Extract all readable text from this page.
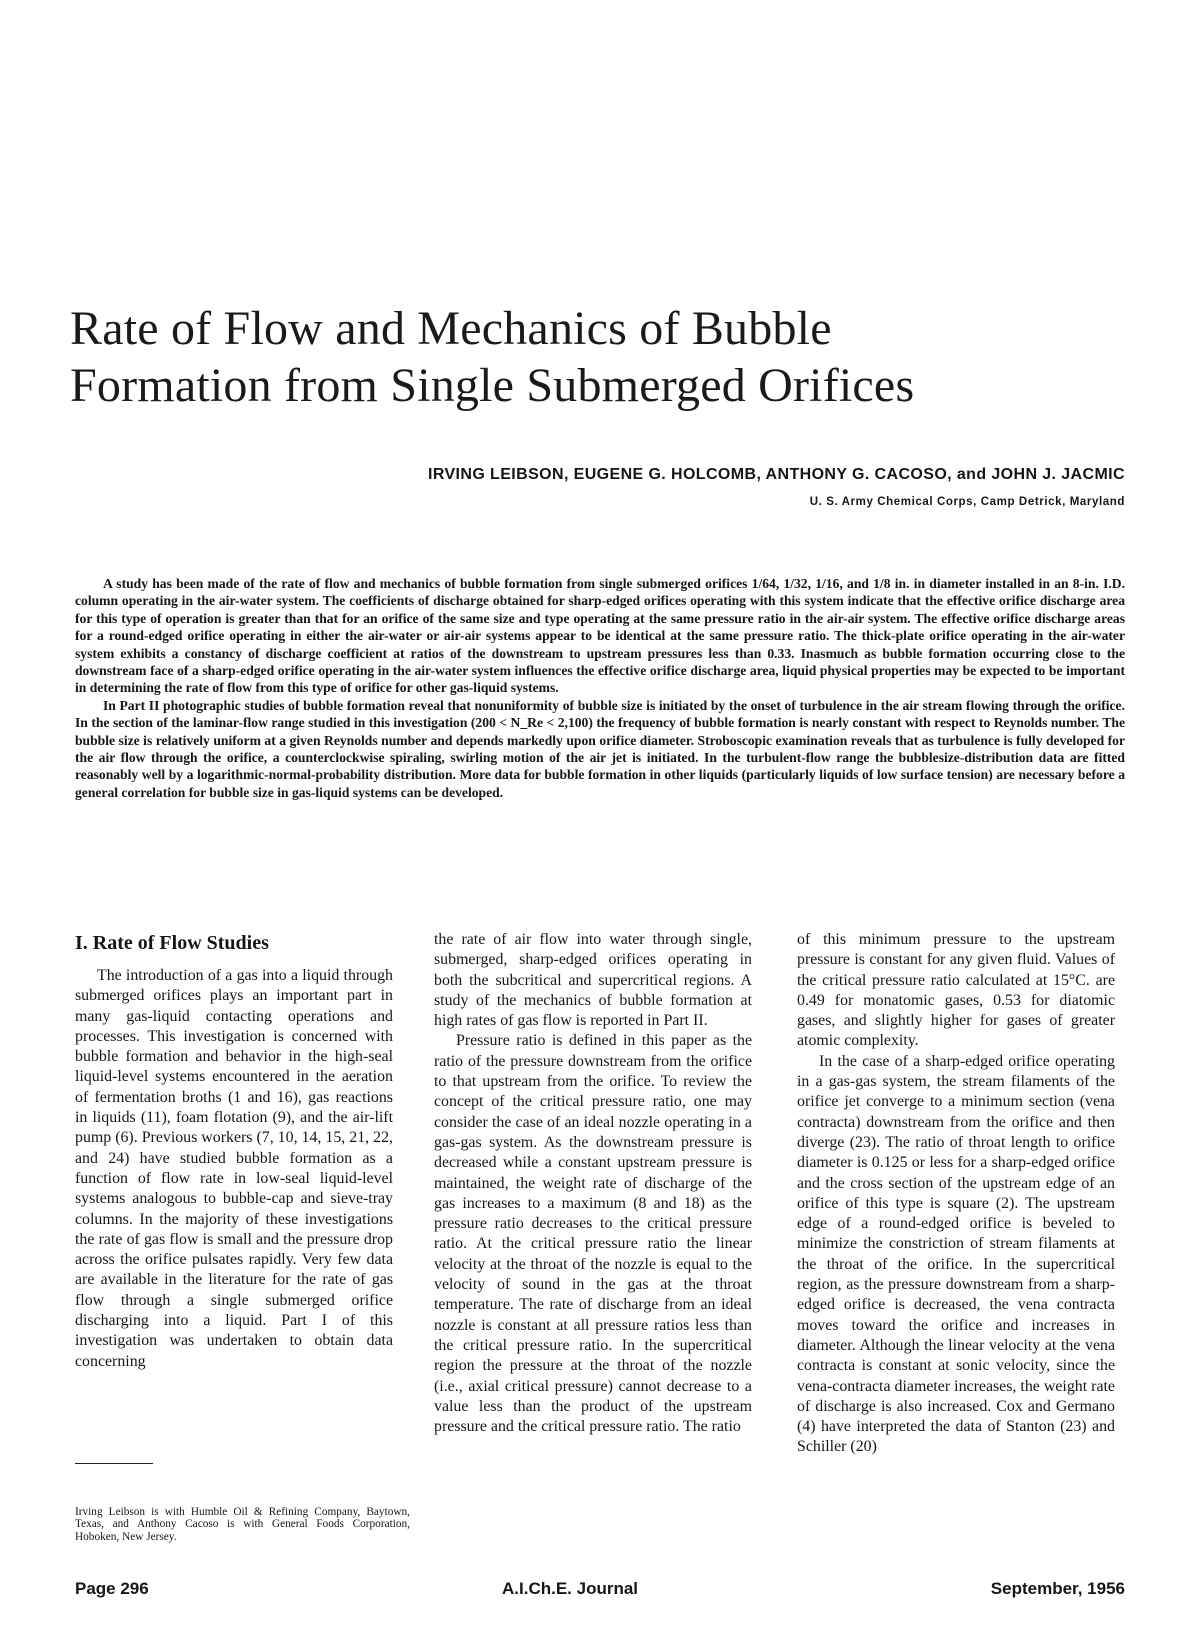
Rate of Flow and Mechanics of Bubble
Formation from Single Submerged Orifices
IRVING LEIBSON, EUGENE G. HOLCOMB, ANTHONY G. CACOSO, and JOHN J. JACMIC
U. S. Army Chemical Corps, Camp Detrick, Maryland

A study has been made of the rate of flow and mechanics of bubble formation from single submerged orifices 1/64, 1/32, 1/16, and 1/8 in. in diameter installed in an 8-in. I.D. column operating in the air-water system. The coefficients of discharge obtained for sharp-edged orifices operating with this system indicate that the effective orifice discharge area for this type of operation is greater than that for an orifice of the same size and type operating at the same pressure ratio in the air-air system. The effective orifice discharge areas for a round-edged orifice operating in either the air-water or air-air systems appear to be identical at the same pressure ratio. The thick-plate orifice operating in the air-water system exhibits a constancy of discharge coefficient at ratios of the downstream to upstream pressures less than 0.33. Inasmuch as bubble formation occurring close to the downstream face of a sharp-edged orifice operating in the air-water system influences the effective orifice discharge area, liquid physical properties may be expected to be important in determining the rate of flow from this type of orifice for other gas-liquid systems.

In Part II photographic studies of bubble formation reveal that nonuniformity of bubble size is initiated by the onset of turbulence in the air stream flowing through the orifice. In the section of the laminar-flow range studied in this investigation (200 < N_Re < 2,100) the frequency of bubble formation is nearly constant with respect to Reynolds number. The bubble size is relatively uniform at a given Reynolds number and depends markedly upon orifice diameter. Stroboscopic examination reveals that as turbulence is fully developed for the air flow through the orifice, a counterclockwise spiraling, swirling motion of the air jet is initiated. In the turbulent-flow range the bubblesize-distribution data are fitted reasonably well by a logarithmic-normal-probability distribution. More data for bubble formation in other liquids (particularly liquids of low surface tension) are necessary before a general correlation for bubble size in gas-liquid systems can be developed.

I. Rate of Flow Studies

The introduction of a gas into a liquid through submerged orifices plays an important part in many gas-liquid contacting operations and processes. This investigation is concerned with bubble formation and behavior in the high-seal liquid-level systems encountered in the aeration of fermentation broths (1 and 16), gas reactions in liquids (11), foam flotation (9), and the air-lift pump (6). Previous workers (7, 10, 14, 15, 21, 22, and 24) have studied bubble formation as a function of flow rate in low-seal liquid-level systems analogous to bubble-cap and sieve-tray columns. In the majority of these investigations the rate of gas flow is small and the pressure drop across the orifice pulsates rapidly. Very few data are available in the literature for the rate of gas flow through a single submerged orifice discharging into a liquid. Part I of this investigation was undertaken to obtain data concerning

the rate of air flow into water through single, submerged, sharp-edged orifices operating in both the subcritical and supercritical regions. A study of the mechanics of bubble formation at high rates of gas flow is reported in Part II.

Pressure ratio is defined in this paper as the ratio of the pressure downstream from the orifice to that upstream from the orifice. To review the concept of the critical pressure ratio, one may consider the case of an ideal nozzle operating in a gas-gas system. As the downstream pressure is decreased while a constant upstream pressure is maintained, the weight rate of discharge of the gas increases to a maximum (8 and 18) as the pressure ratio decreases to the critical pressure ratio. At the critical pressure ratio the linear velocity at the throat of the nozzle is equal to the velocity of sound in the gas at the throat temperature. The rate of discharge from an ideal nozzle is constant at all pressure ratios less than the critical pressure ratio. In the supercritical region the pressure at the throat of the nozzle (i.e., axial critical pressure) cannot decrease to a value less than the product of the upstream pressure and the critical pressure ratio. The ratio

of this minimum pressure to the upstream pressure is constant for any given fluid. Values of the critical pressure ratio calculated at 15°C. are 0.49 for monatomic gases, 0.53 for diatomic gases, and slightly higher for gases of greater atomic complexity.

In the case of a sharp-edged orifice operating in a gas-gas system, the stream filaments of the orifice jet converge to a minimum section (vena contracta) downstream from the orifice and then diverge (23). The ratio of throat length to orifice diameter is 0.125 or less for a sharp-edged orifice and the cross section of the upstream edge of an orifice of this type is square (2). The upstream edge of a round-edged orifice is beveled to minimize the constriction of stream filaments at the throat of the orifice. In the supercritical region, as the pressure downstream from a sharp-edged orifice is decreased, the vena contracta moves toward the orifice and increases in diameter. Although the linear velocity at the vena contracta is constant at sonic velocity, since the vena-contracta diameter increases, the weight rate of discharge is also increased. Cox and Germano (4) have interpreted the data of Stanton (23) and Schiller (20)

Irving Leibson is with Humble Oil & Refining Company, Baytown, Texas, and Anthony Cacoso is with General Foods Corporation, Hoboken, New Jersey.
Page 296	A.I.Ch.E. Journal	September, 1956
